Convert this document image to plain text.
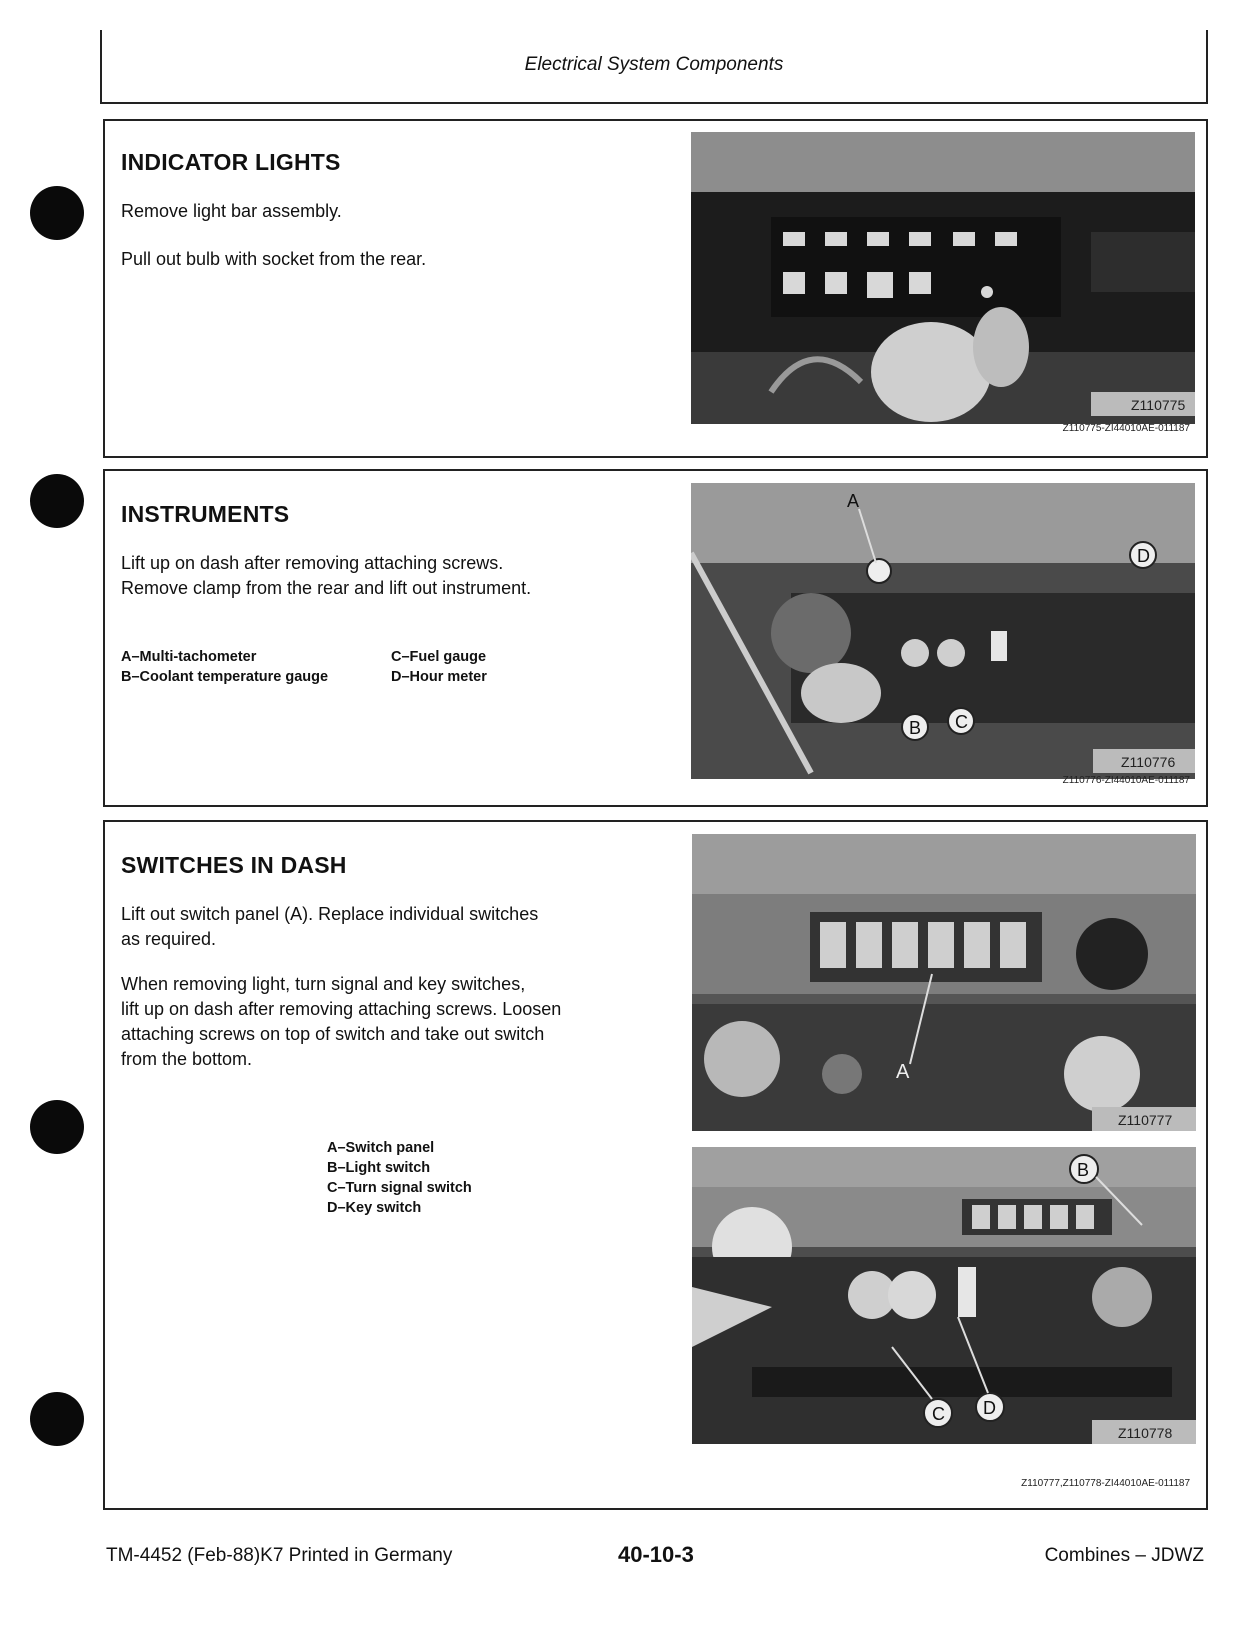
Electrical System Components
INDICATOR LIGHTS
Remove light bar assembly.
Pull out bulb with socket from the rear.
Z110775
Z110775-ZI44010AE-011187
INSTRUMENTS
Lift up on dash after removing attaching screws.
Remove clamp from the rear and lift out instrument.
A–Multi-tachometer
B–Coolant temperature gauge
C–Fuel gauge
D–Hour meter
A
B C
D
Z110776
Z110776-ZI44010AE-011187
SWITCHES IN DASH
Lift out switch panel (A). Replace individual switches
as required.
When removing light, turn signal and key switches,
lift up on dash after removing attaching screws. Loosen
attaching screws on top of switch and take out switch
from the bottom.
A–Switch panel
B–Light switch
C–Turn signal switch
D–Key switch
A
Z110777
B
C D
Z110778
Z110777,Z110778-ZI44010AE-011187
TM-4452 (Feb-88)K7 Printed in Germany	40-10-3	Combines – JDWZ
